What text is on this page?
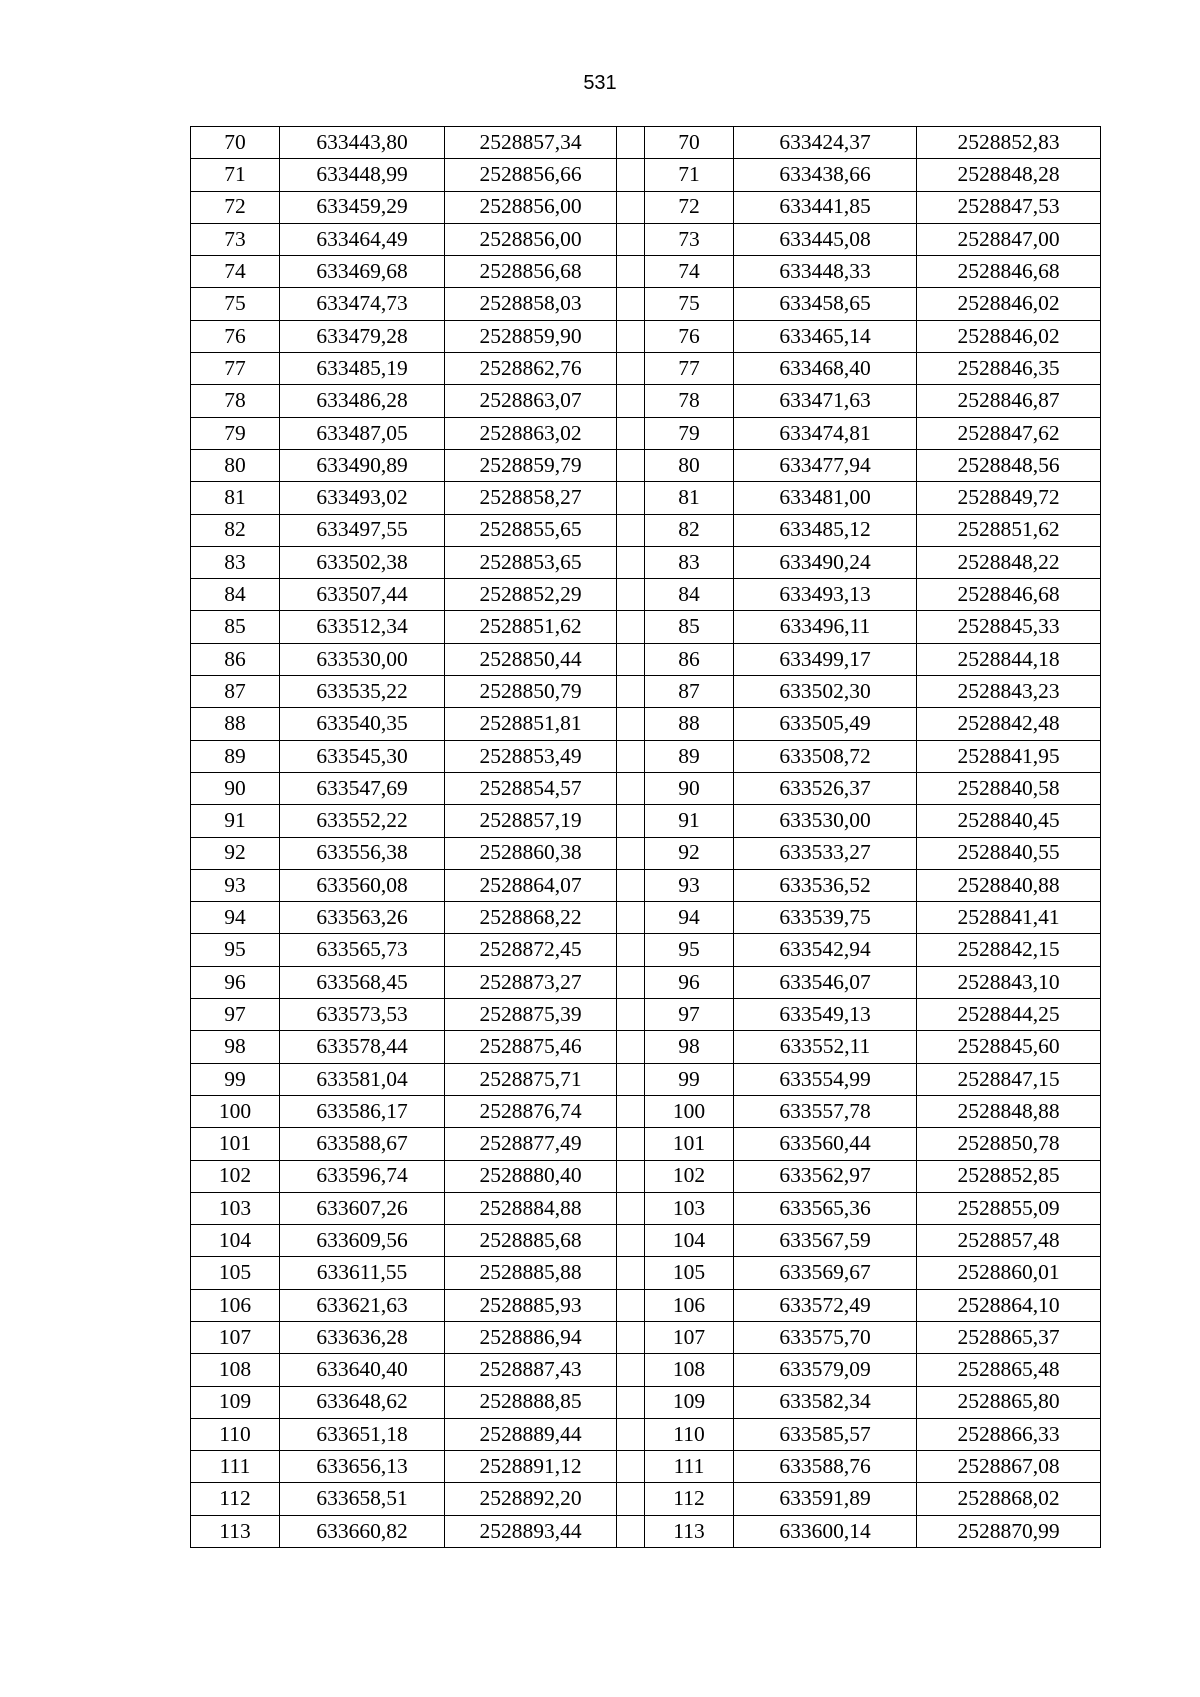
531
70	633443,80	2528857,34		70	633424,37	2528852,83
71	633448,99	2528856,66		71	633438,66	2528848,28
72	633459,29	2528856,00		72	633441,85	2528847,53
73	633464,49	2528856,00		73	633445,08	2528847,00
74	633469,68	2528856,68		74	633448,33	2528846,68
75	633474,73	2528858,03		75	633458,65	2528846,02
76	633479,28	2528859,90		76	633465,14	2528846,02
77	633485,19	2528862,76		77	633468,40	2528846,35
78	633486,28	2528863,07		78	633471,63	2528846,87
79	633487,05	2528863,02		79	633474,81	2528847,62
80	633490,89	2528859,79		80	633477,94	2528848,56
81	633493,02	2528858,27		81	633481,00	2528849,72
82	633497,55	2528855,65		82	633485,12	2528851,62
83	633502,38	2528853,65		83	633490,24	2528848,22
84	633507,44	2528852,29		84	633493,13	2528846,68
85	633512,34	2528851,62		85	633496,11	2528845,33
86	633530,00	2528850,44		86	633499,17	2528844,18
87	633535,22	2528850,79		87	633502,30	2528843,23
88	633540,35	2528851,81		88	633505,49	2528842,48
89	633545,30	2528853,49		89	633508,72	2528841,95
90	633547,69	2528854,57		90	633526,37	2528840,58
91	633552,22	2528857,19		91	633530,00	2528840,45
92	633556,38	2528860,38		92	633533,27	2528840,55
93	633560,08	2528864,07		93	633536,52	2528840,88
94	633563,26	2528868,22		94	633539,75	2528841,41
95	633565,73	2528872,45		95	633542,94	2528842,15
96	633568,45	2528873,27		96	633546,07	2528843,10
97	633573,53	2528875,39		97	633549,13	2528844,25
98	633578,44	2528875,46		98	633552,11	2528845,60
99	633581,04	2528875,71		99	633554,99	2528847,15
100	633586,17	2528876,74		100	633557,78	2528848,88
101	633588,67	2528877,49		101	633560,44	2528850,78
102	633596,74	2528880,40		102	633562,97	2528852,85
103	633607,26	2528884,88		103	633565,36	2528855,09
104	633609,56	2528885,68		104	633567,59	2528857,48
105	633611,55	2528885,88		105	633569,67	2528860,01
106	633621,63	2528885,93		106	633572,49	2528864,10
107	633636,28	2528886,94		107	633575,70	2528865,37
108	633640,40	2528887,43		108	633579,09	2528865,48
109	633648,62	2528888,85		109	633582,34	2528865,80
110	633651,18	2528889,44		110	633585,57	2528866,33
111	633656,13	2528891,12		111	633588,76	2528867,08
112	633658,51	2528892,20		112	633591,89	2528868,02
113	633660,82	2528893,44		113	633600,14	2528870,99
